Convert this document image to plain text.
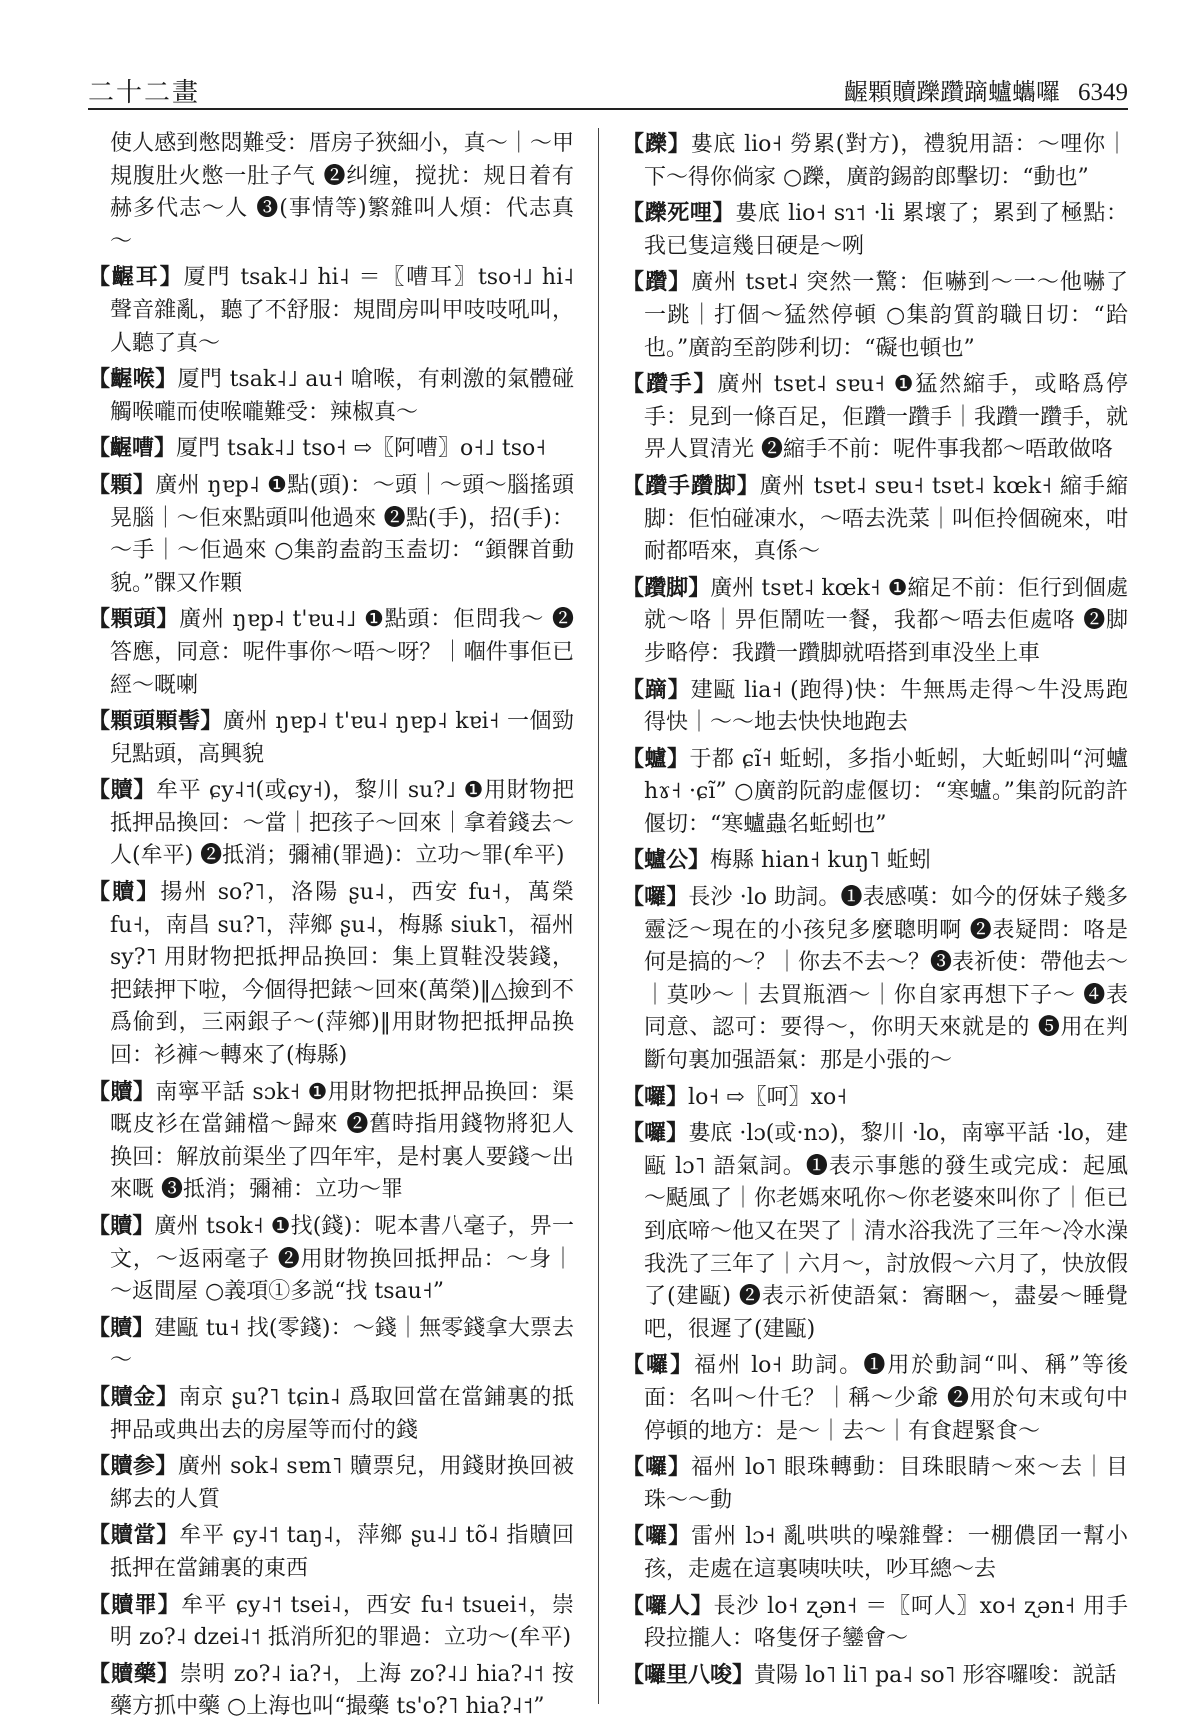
二十二畫	齷顆贖躒躦蹢蠦蠵囉 6349

使人感到憋悶難受：厝房子狹細小，真～｜～甲規腹肚火憋一肚子气 ❷纠缠，搅扰：规日着有赫多代志～人 ❸(事情等)繁雜叫人煩：代志真～

【 齷耳 】 厦門 tsak˨˩ hi˨ ＝〖嘈耳〗tso˧˩ hi˨ 聲音雜亂，聽了不舒服：規間房叫甲吱吱吼叫，人聽了真～

【 齷喉 】 厦門 tsak˨˩ au˧ 嗆喉，有刺激的氣體碰觸喉嚨而使喉嚨難受：辣椒真～

【 齷嘈 】 厦門 tsak˨˩ tso˧ ⇨〖阿嘈〗o˧˩ tso˧

【 顆 】 廣州 ŋɐp˨ ❶點(頭)：～頭｜～頭～腦搖頭晃腦｜～佢來點頭叫他過來 ❷點(手)，招(手)：～手｜～佢過來 ○集韵盍韵玉盍切：“顉髁首動貌。”髁又作顆

【 顆頭 】 廣州 ŋɐp˨ t'ɐu˨˩ ❶點頭：佢問我～ ❷答應，同意：呢件事你～唔～呀？｜嗰件事佢已經～嘅喇

【 顆頭顆髻 】 廣州 ŋɐp˨ t'ɐu˨ ŋɐp˨ kɐi˧ 一個勁兒點頭，高興貌

【 贖 】 牟平 ɕy˨˦(或ɕy˧)，黎川 su?˩ ❶用財物把抵押品換回：～當｜把孩子～回來｜拿着錢去～人(牟平) ❷抵消；彌補(罪過)：立功～罪(牟平)

【 贖 】 揚州 so?˥，洛陽 ʂu˨，西安 fu˧，萬榮 fu˧，南昌 su?˥，萍鄉 ʂu˨，梅縣 siuk˥，福州 sy?˥ 用財物把抵押品换回：集上買鞋没裝錢，把錶押下啦，今個得把錶～回來(萬榮)‖△撿到不爲偷到，三兩銀子～(萍鄉)‖用財物把抵押品换回：衫褲～轉來了(梅縣)

【 贖 】 南寧平話 sɔk˧ ❶用財物把抵押品换回：渠嘅皮衫在當鋪檔～歸來 ❷舊時指用錢物將犯人换回：解放前渠坐了四年牢，是村裏人要錢～出來嘅 ❸抵消；彌補：立功～罪

【 贖 】 廣州 tsok˧ ❶找(錢)：呢本書八毫子，畀一文，～返兩毫子 ❷用財物换回抵押品：～身｜～返間屋 ○義項①多説“找 tsau˧”

【 贖 】 建甌 tu˧ 找(零錢)：～錢｜無零錢拿大票去～

【 贖金 】 南京 ʂu?˥ tɕin˨ 爲取回當在當鋪裏的抵押品或典出去的房屋等而付的錢

【 贖参 】 廣州 sok˨ sɐm˥ 贖票兒，用錢財换回被綁去的人質

【 贖當 】 牟平 ɕy˨˦ taŋ˨，萍鄉 ʂu˨˩ tõ˨ 指贖回抵押在當鋪裏的東西

【 贖罪 】 牟平 ɕy˨˦ tsei˨，西安 fu˧ tsuei˧，崇明 zo?˨ dzei˨˦ 抵消所犯的罪過：立功～(牟平)

【 贖藥 】 崇明 zo?˨ ia?˧，上海 zo?˨˩ hia?˨˦ 按藥方抓中藥 ○上海也叫“撮藥 ts'o?˥ hia?˨˦”

【 躒 】 婁底 lio˧ 勞累(對方)，禮貌用語：～哩你｜下～得你倘家 ○躒，廣韵錫韵郎擊切：“動也”

【 躒死哩 】 婁底 lio˧ sɿ˦ ·li 累壞了；累到了極點：我已隻這幾日硬是～咧

【 躦 】 廣州 tsɐt˨ 突然一驚：佢嚇到～一～他嚇了一跳｜打個～猛然停頓 ○集韵質韵職日切：“跲也。”廣韵至韵陟利切：“礙也頓也”

【 躦手 】 廣州 tsɐt˨ sɐu˧ ❶猛然縮手，或略爲停手：見到一條百足，佢躦一躦手｜我躦一躦手，就畀人買清光 ❷縮手不前：呢件事我都～唔敢做咯

【 躦手躦脚 】 廣州 tsɐt˨ sɐu˧ tsɐt˨ kœk˧ 縮手縮脚：佢怕碰凍水，～唔去洗菜｜叫佢拎個碗來，咁耐都唔來，真係～

【 躦脚 】 廣州 tsɐt˨ kœk˧ ❶縮足不前：佢行到個處就～咯｜畀佢鬧咗一餐，我都～唔去佢處咯 ❷脚步略停：我躦一躦脚就唔搭到車没坐上車

【 蹢 】 建甌 lia˧ (跑得)快：牛無馬走得～牛没馬跑得快｜～～地去快快地跑去

【 蠦 】 于都 ɕĩ˧ 蚯蚓，多指小蚯蚓，大蚯蚓叫“河蠦 hɤ˧ ·ɕĩ” ○廣韵阮韵虚偃切：“寒蠦。”集韵阮韵許偃切：“寒蠦蟲名蚯蚓也”

【 蠦公 】 梅縣 hian˧ kuŋ˥ 蚯蚓

【 囉 】 長沙 ·lo 助詞。❶表感嘆：如今的伢妹子幾多靈泛～現在的小孩兒多麼聰明啊 ❷表疑問：咯是何是搞的～？｜你去不去～？❸表祈使：帶他去～｜莫吵～｜去買瓶酒～｜你自家再想下子～ ❹表同意、認可：要得～，你明天來就是的 ❺用在判斷句裏加强語氣：那是小張的～

【 囉 】 lo˧ ⇨〖呵〗xo˧

【 囉 】 婁底 ·lɔ(或·nɔ)，黎川 ·lo，南寧平話 ·lo，建甌 lɔ˥ 語氣詞。❶表示事態的發生或完成：起風～颳風了｜你老媽來吼你～你老婆來叫你了｜佢已到底啼～他又在哭了｜清水浴我洗了三年～冷水澡我洗了三年了｜六月～，討放假～六月了，快放假了(建甌) ❷表示祈使語氣：㝯睏～，盡晏～睡覺吧，很遲了(建甌)

【 囉 】 福州 lo˧ 助詞。❶用於動詞“叫、稱”等後面：名叫～什乇？｜稱～少爺 ❷用於句末或句中停頓的地方：是～｜去～｜有食趕緊食～

【 囉 】 福州 lo˥ 眼珠轉動：目珠眼睛～來～去｜目珠～～動

【 囉 】 雷州 lɔ˧ 亂哄哄的噪雜聲：一棚儂囝一幫小孩，走處在這裏咦呋呋，吵耳總～去

【 囉人 】 長沙 lo˧ ʐən˧ ＝〖呵人〗xo˧ ʐən˧ 用手段拉攏人：咯隻伢子鑾會～

【 囉里八唆 】 貴陽 lo˥ li˥ pa˨ so˥ 形容囉唆：説話
